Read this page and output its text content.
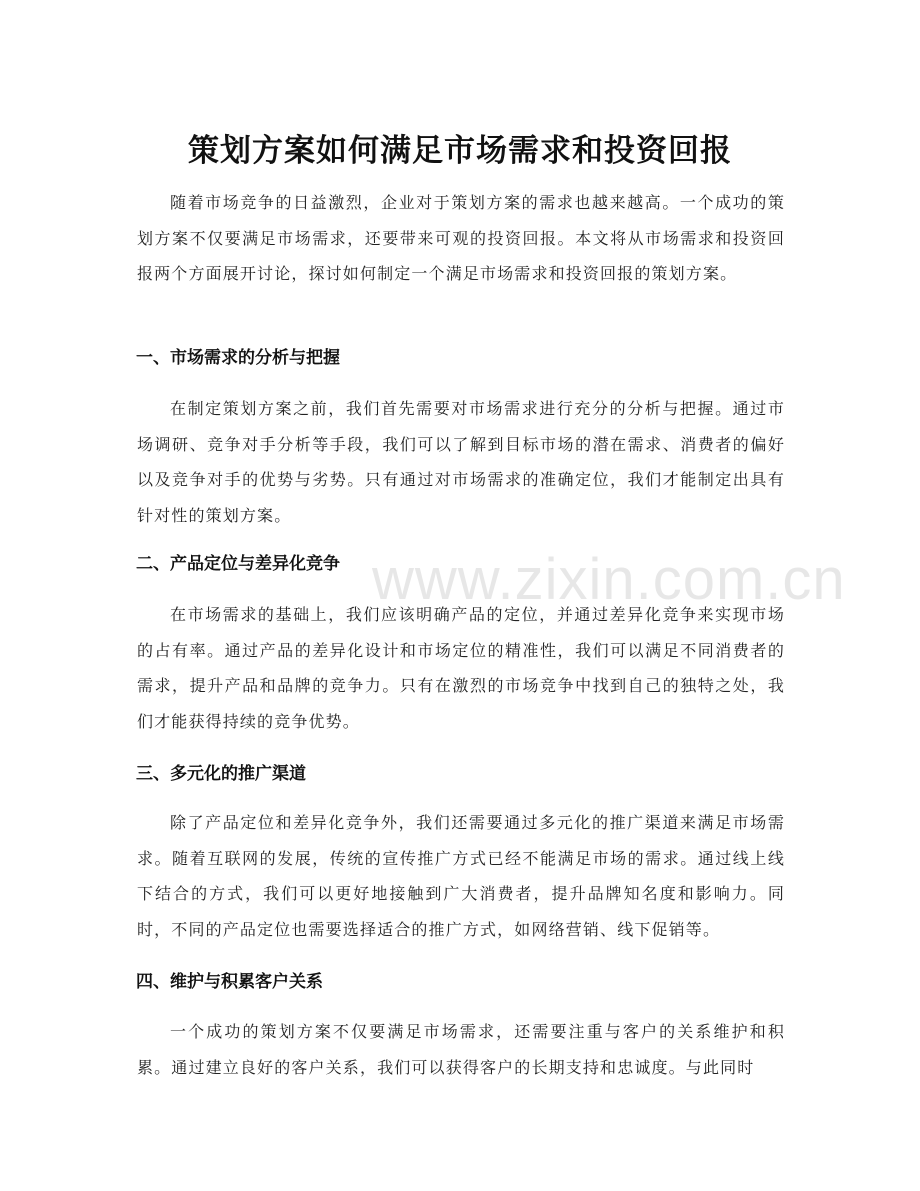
策划方案如何满足市场需求和投资回报

随着市场竞争的日益激烈，企业对于策划方案的需求也越来越高。一个成功的策划方案不仅要满足市场需求，还要带来可观的投资回报。本文将从市场需求和投资回报两个方面展开讨论，探讨如何制定一个满足市场需求和投资回报的策划方案。

一、市场需求的分析与把握

在制定策划方案之前，我们首先需要对市场需求进行充分的分析与把握。通过市场调研、竞争对手分析等手段，我们可以了解到目标市场的潜在需求、消费者的偏好以及竞争对手的优势与劣势。只有通过对市场需求的准确定位，我们才能制定出具有针对性的策划方案。

二、产品定位与差异化竞争

在市场需求的基础上，我们应该明确产品的定位，并通过差异化竞争来实现市场的占有率。通过产品的差异化设计和市场定位的精准性，我们可以满足不同消费者的需求，提升产品和品牌的竞争力。只有在激烈的市场竞争中找到自己的独特之处，我们才能获得持续的竞争优势。

三、多元化的推广渠道

除了产品定位和差异化竞争外，我们还需要通过多元化的推广渠道来满足市场需求。随着互联网的发展，传统的宣传推广方式已经不能满足市场的需求。通过线上线下结合的方式，我们可以更好地接触到广大消费者，提升品牌知名度和影响力。同时，不同的产品定位也需要选择适合的推广方式，如网络营销、线下促销等。

四、维护与积累客户关系

一个成功的策划方案不仅要满足市场需求，还需要注重与客户的关系维护和积累。通过建立良好的客户关系，我们可以获得客户的长期支持和忠诚度。与此同时

www.zixin.com.cn
